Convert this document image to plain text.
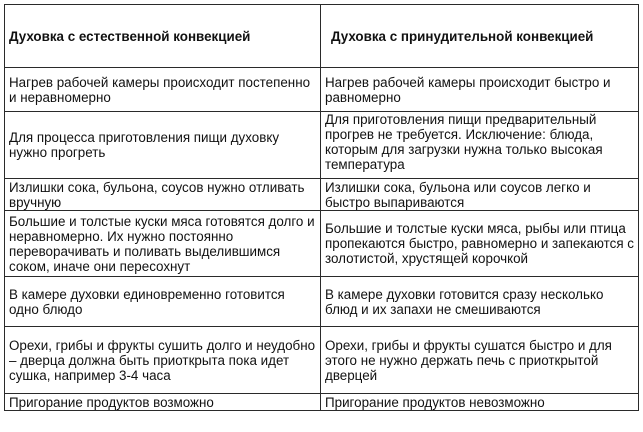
Духовка с естественной конвекцией	Духовка с принудительной конвекцией
Нагрев рабочей камеры происходит постепенно и неравномерно	Нагрев рабочей камеры происходит быстро и равномерно
Для процесса приготовления пищи духовку нужно прогреть	Для приготовления пищи предварительный прогрев не требуется. Исключение: блюда, которым для загрузки нужна только высокая температура
Излишки сока, бульона, соусов нужно отливать вручную	Излишки сока, бульона или соусов легко и быстро выпариваются
Большие и толстые куски мяса готовятся долго и неравномерно. Их нужно постоянно переворачивать и поливать выделившимся соком, иначе они пересохнут	Большие и толстые куски мяса, рыбы или птица пропекаются быстро, равномерно и запекаются с золотистой, хрустящей корочкой
В камере духовки единовременно готовится одно блюдо	В камере духовки готовится сразу несколько блюд и их запахи не смешиваются
Орехи, грибы и фрукты сушить долго и неудобно – дверца должна быть приоткрыта пока идет сушка, например 3-4 часа	Орехи, грибы и фрукты сушатся быстро и для этого не нужно держать печь с приоткрытой дверцей
Пригорание продуктов возможно	Пригорание продуктов невозможно
